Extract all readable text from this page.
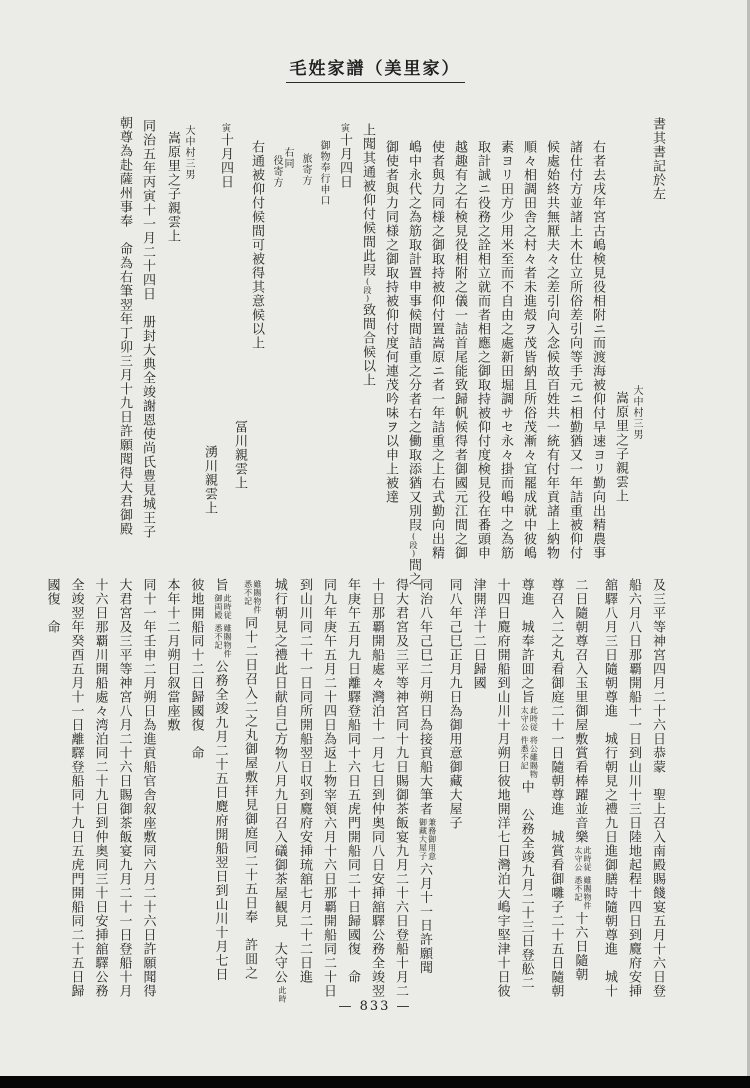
毛姓家譜（美里家）
書其書記於左
大中村三男
嵩原里之子親雲上
右者去戌年宮古嶋検見役相附ニ而渡海被仰付早速ヨリ勤向出精農事
諸仕付方並諸上木仕立所俗差引向等手元ニ相勤猶又一年詰重被仰付
候處始終共無厭夫々之差引向入念候故百姓共一統有付年貢諸上納物
順々相調田舎之村々者未進殻ヲ茂皆納且所俗茂漸々宜罷成就中彼嶋
素ヨリ田方少用米至而不自由之處新田堀調サセ永々掛而嶋中之為筋
取計誠ニ役務之詮相立就而者相應之御取持被仰付度検見役在番頭申
越趣有之右検見役相附之儀一詰首尾能致歸帆候得者御國元江間之御
使者與力同様之御取持被仰付置嵩原ニ者一年詰重之上右式勤向出精
嶋中永代之為筋取計置申事候間詰重之分者右之働取添猶又別叚(段)間之
御使者與力同様之御取持被仰付度何連茂吟味ヲ以申上被達
上聞其通被仰付候間此叚(段)致間合候以上
寅十月四日
御物奉行申口
旅寄方
右同
役寄方
右通被仰付候間可被得其意候以上
冨川親雲上
寅十月四日
湧川親雲上
大中村三男
嵩原里之子親雲上
同治五年丙寅十一月二十四日　册封大典全竣謝恩使尚氏豊見城王子
朝尊為赴薩州事奉　命為右筆翌年丁卯三月十九日許願聞得大君御殿
及三平等神宮四月二十六日恭蒙　聖上召入南殿賜餞宴五月十六日登
船六月八日那覇開船十一日到山川十三日陸地起程十四日到麑府安挿
舘驛八月三日隨朝尊進　城行朝見之禮九日進御膳時隨朝尊進　城十
二日隨朝尊召入玉里御屋敷賞看棒躍並音樂
此時従
太守公
雖賜物件
悉不記
十六日隨朝
尊召入二之丸看御庭二十一日隨朝尊進　城賞看御囃子二十五日隨朝
尊進　城奉許囬之旨
此時従
太守公
将公雖賜物
件悉不記
中　公務全竣九月二十三日登舩二
十四日麑府開船到山川十月朔日彼地開洋七日灣泊大嶋宇堅津十日彼
津開洋十二日歸國
同八年己巳正月九日為御用意御藏大屋子
同治八年己巳二月朔日為接貢船大筆者
兼務御用意
御藏大屋子
六月十一日許願聞
得大君宮及三平等神宮同十九日賜御茶飯宴九月二十六日登船十月二
十日那覇開船處々灣泊十一月七日到仲奥同八日安挿舘驛公務全竣翌
年庚午五月九日離驛登船同十六日五虎門開船同二十日歸國復　命
同九年庚午五月二十四日為返上物宰領六月十六日那覇開船同二十日
到山川同二十一日同所開船翌日収到麑府安挿琉舘七月二十二日進
城行朝見之禮此日献自己方物八月九日召入礒御茶屋観見　大守公
此時
雖賜物件
悉不記
同十二日召入二之丸御屋敷拝見御庭同二十五日奉　許囬之
旨
此時従
御両殿
雖賜物件
悉不記
公務全竣九月二十五日麑府開船翌日到山川十月七日
彼地開船同十二日歸國復　命
本年十二月朔日叙當座敷
同十一年壬申二月朔日為進貢船官舎叙座敷同六月二十六日許願聞得
大君宮及三平等神宮八月二十六日賜御茶飯宴九月二十一日登船十月
十六日那覇川開船處々湾泊同二十九日到仲奥同三十日安挿舘驛公務
全竣翌年癸酉五月十一日離驛登船同十九日五虎門開船同二十五日歸
國復　命
— 833 —
